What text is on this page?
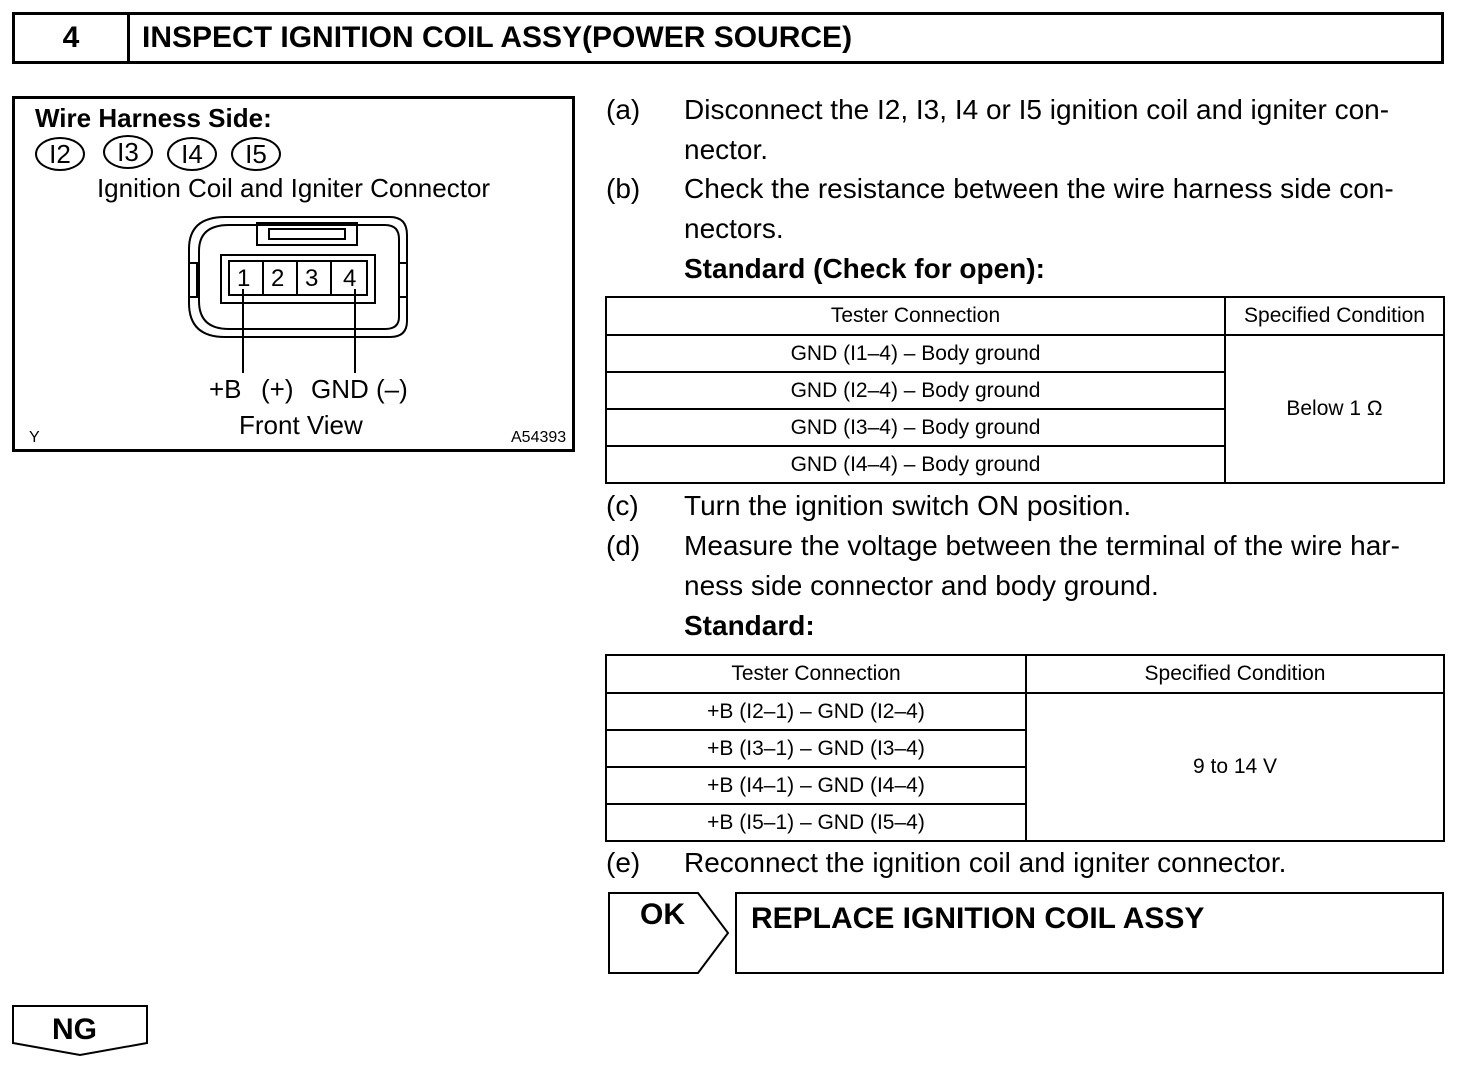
4	INSPECT IGNITION COIL ASSY(POWER SOURCE)
Wire Harness Side:
I2	I3	I4	I5
Ignition Coil and Igniter Connector
1 2 3 4
+B (+) GND (–)
Front View
Y	A54393
(a) Disconnect the I2, I3, I4 or I5 ignition coil and igniter con-
nector.
(b) Check the resistance between the wire harness side con-
nectors.
Standard (Check for open):
Tester Connection	Specified Condition
GND (I1–4) – Body ground	Below 1 Ω
GND (I2–4) – Body ground	
GND (I3–4) – Body ground	
GND (I4–4) – Body ground	
(c) Turn the ignition switch ON position.
(d) Measure the voltage between the terminal of the wire har-
ness side connector and body ground.
Standard:
Tester Connection	Specified Condition
+B (I2–1) – GND (I2–4)	9 to 14 V
+B (I3–1) – GND (I3–4)	
+B (I4–1) – GND (I4–4)	
+B (I5–1) – GND (I5–4)	
(e) Reconnect the ignition coil and igniter connector.
OK REPLACE IGNITION COIL ASSY
NG
